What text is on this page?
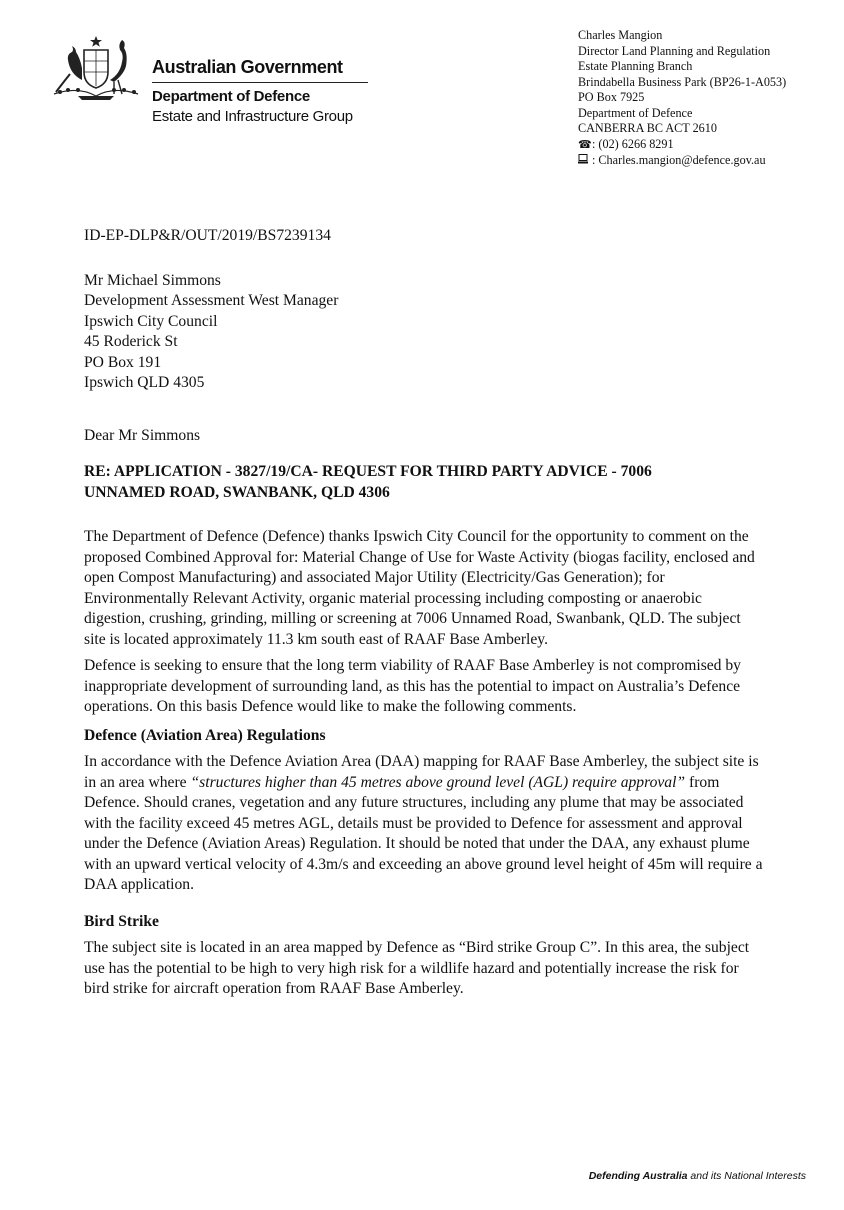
Australian Government
Department of Defence
Estate and Infrastructure Group
Charles Mangion
Director Land Planning and Regulation
Estate Planning Branch
Brindabella Business Park (BP26-1-A053)
PO Box 7925
Department of Defence
CANBERRA BC ACT 2610
☎: (02) 6266 8291
: Charles.mangion@defence.gov.au
ID-EP-DLP&R/OUT/2019/BS7239134
Mr Michael Simmons
Development Assessment West Manager
Ipswich City Council
45 Roderick St
PO Box 191
Ipswich QLD 4305
Dear Mr Simmons
RE: APPLICATION - 3827/19/CA- REQUEST FOR THIRD PARTY ADVICE - 7006
UNNAMED ROAD, SWANBANK, QLD 4306

The Department of Defence (Defence) thanks Ipswich City Council for the opportunity to comment on the proposed Combined Approval for: Material Change of Use for Waste Activity (biogas facility, enclosed and open Compost Manufacturing) and associated Major Utility (Electricity/Gas Generation); for Environmentally Relevant Activity, organic material processing including composting or anaerobic digestion, crushing, grinding, milling or screening at 7006 Unnamed Road, Swanbank, QLD. The subject site is located approximately 11.3 km south east of RAAF Base Amberley.

Defence is seeking to ensure that the long term viability of RAAF Base Amberley is not compromised by inappropriate development of surrounding land, as this has the potential to impact on Australia’s Defence operations. On this basis Defence would like to make the following comments.

Defence (Aviation Area) Regulations

In accordance with the Defence Aviation Area (DAA) mapping for RAAF Base Amberley, the subject site is in an area where “structures higher than 45 metres above ground level (AGL) require approval” from Defence. Should cranes, vegetation and any future structures, including any plume that may be associated with the facility exceed 45 metres AGL, details must be provided to Defence for assessment and approval under the Defence (Aviation Areas) Regulation. It should be noted that under the DAA, any exhaust plume with an upward vertical velocity of 4.3m/s and exceeding an above ground level height of 45m will require a DAA application.

Bird Strike

The subject site is located in an area mapped by Defence as “Bird strike Group C”. In this area, the subject use has the potential to be high to very high risk for a wildlife hazard and potentially increase the risk for bird strike for aircraft operation from RAAF Base Amberley.

Defending Australia and its National Interests
